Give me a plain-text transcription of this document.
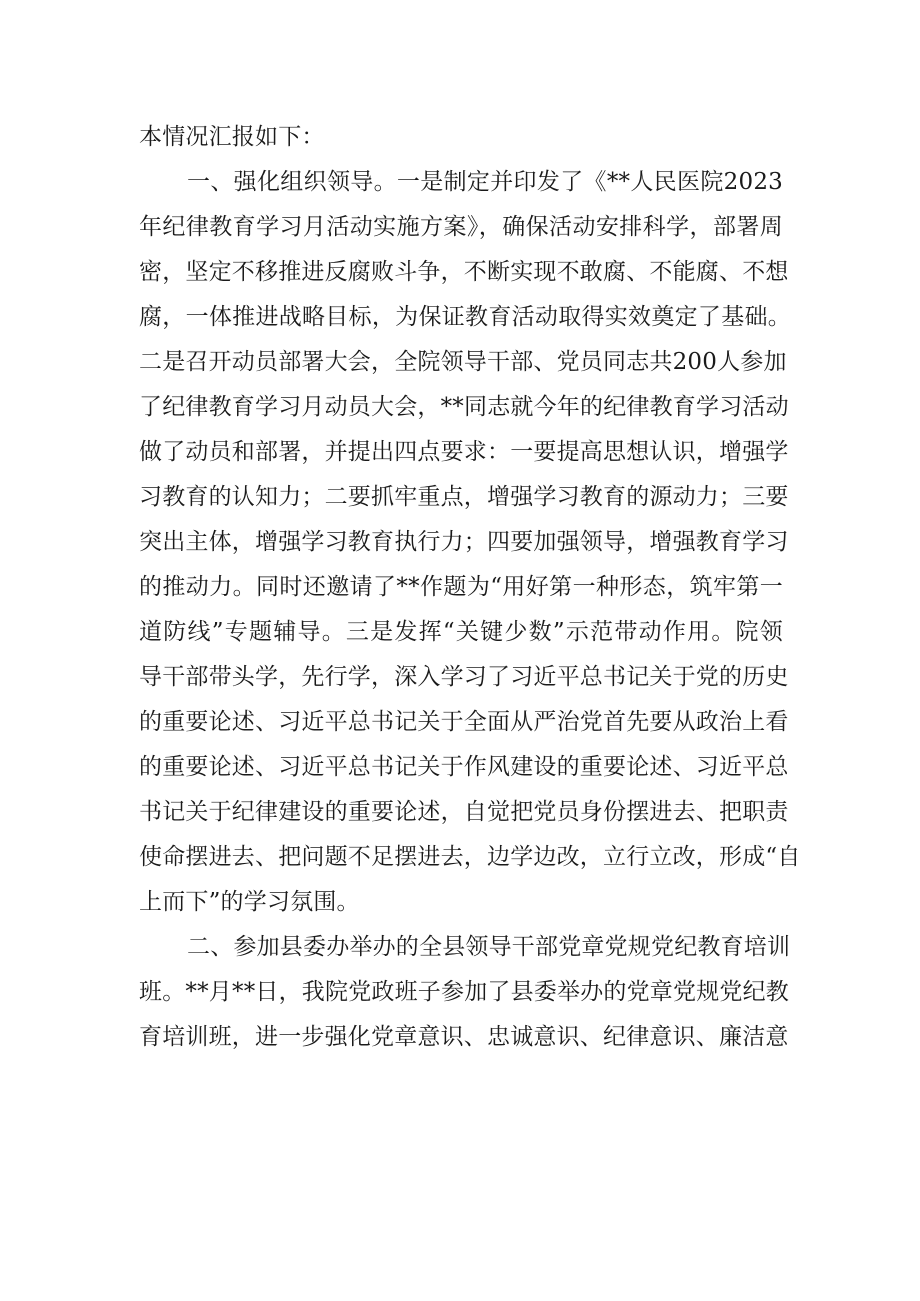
本情况汇报如下：
一、强化组织领导。一是制定并印发了《**人民医院2023
年纪律教育学习月活动实施方案》，确保活动安排科学，部署周
密，坚定不移推进反腐败斗争，不断实现不敢腐、不能腐、不想
腐，一体推进战略目标，为保证教育活动取得实效奠定了基础。
二是召开动员部署大会，全院领导干部、党员同志共200人参加
了纪律教育学习月动员大会，**同志就今年的纪律教育学习活动
做了动员和部署，并提出四点要求：一要提高思想认识，增强学
习教育的认知力；二要抓牢重点，增强学习教育的源动力；三要
突出主体，增强学习教育执行力；四要加强领导，增强教育学习
的推动力。同时还邀请了**作题为“用好第一种形态，筑牢第一
道防线”专题辅导。三是发挥“关键少数”示范带动作用。院领
导干部带头学，先行学，深入学习了习近平总书记关于党的历史
的重要论述、习近平总书记关于全面从严治党首先要从政治上看
的重要论述、习近平总书记关于作风建设的重要论述、习近平总
书记关于纪律建设的重要论述，自觉把党员身份摆进去、把职责
使命摆进去、把问题不足摆进去，边学边改，立行立改，形成“自
上而下”的学习氛围。
二、参加县委办举办的全县领导干部党章党规党纪教育培训
班。**月**日，我院党政班子参加了县委举办的党章党规党纪教
育培训班，进一步强化党章意识、忠诚意识、纪律意识、廉洁意
